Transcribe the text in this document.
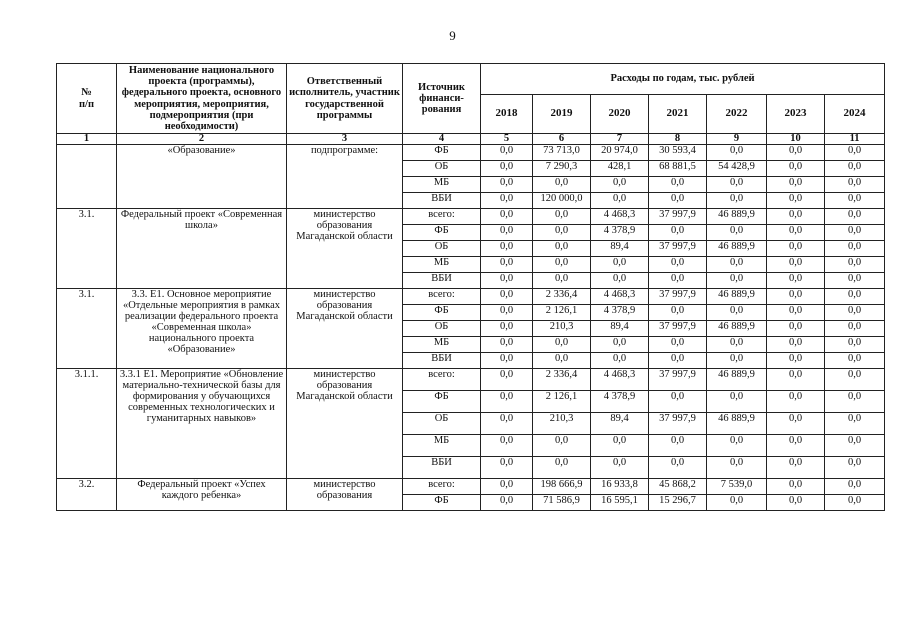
9
№
п/п	Наименование национального проекта (программы), федерального проекта, основного мероприятия, мероприятия, подмероприятия (при необходимости)	Ответственный исполнитель, участник государственной программы	Источник финанси-рования	Расходы по годам, тыс. рублей						
				2018	2019	2020	2021	2022	2023	2024
1	2	3	4	5	6	7	8	9	10	11
	«Образование»	подпрограмме:	ФБ	0,0	73 713,0	20 974,0	30 593,4	0,0	0,0	0,0
			ОБ	0,0	7 290,3	428,1	68 881,5	54 428,9	0,0	0,0
			МБ	0,0	0,0	0,0	0,0	0,0	0,0	0,0
			ВБИ	0,0	120 000,0	0,0	0,0	0,0	0,0	0,0
3.1.	Федеральный проект «Современная школа»	министерство образования Магаданской области	всего:	0,0	0,0	4 468,3	37 997,9	46 889,9	0,0	0,0
			ФБ	0,0	0,0	4 378,9	0,0	0,0	0,0	0,0
			ОБ	0,0	0,0	89,4	37 997,9	46 889,9	0,0	0,0
			МБ	0,0	0,0	0,0	0,0	0,0	0,0	0,0
			ВБИ	0,0	0,0	0,0	0,0	0,0	0,0	0,0
3.1.	3.3. Е1. Основное мероприятие «Отдельные мероприятия в рамках реализации федерального проекта «Современная школа» национального проекта «Образование»	министерство образования Магаданской области	всего:	0,0	2 336,4	4 468,3	37 997,9	46 889,9	0,0	0,0
			ФБ	0,0	2 126,1	4 378,9	0,0	0,0	0,0	0,0
			ОБ	0,0	210,3	89,4	37 997,9	46 889,9	0,0	0,0
			МБ	0,0	0,0	0,0	0,0	0,0	0,0	0,0
			ВБИ	0,0	0,0	0,0	0,0	0,0	0,0	0,0
3.1.1.	3.3.1 Е1. Мероприятие «Обновление материально-технической базы для формирования у обучающихся современных технологических и гуманитарных навыков»	министерство образования Магаданской области	всего:	0,0	2 336,4	4 468,3	37 997,9	46 889,9	0,0	0,0
			ФБ	0,0	2 126,1	4 378,9	0,0	0,0	0,0	0,0
			ОБ	0,0	210,3	89,4	37 997,9	46 889,9	0,0	0,0
			МБ	0,0	0,0	0,0	0,0	0,0	0,0	0,0
			ВБИ	0,0	0,0	0,0	0,0	0,0	0,0	0,0
3.2.	Федеральный проект «Успех каждого ребенка»	министерство образования	всего:	0,0	198 666,9	16 933,8	45 868,2	7 539,0	0,0	0,0
			ФБ	0,0	71 586,9	16 595,1	15 296,7	0,0	0,0	0,0
